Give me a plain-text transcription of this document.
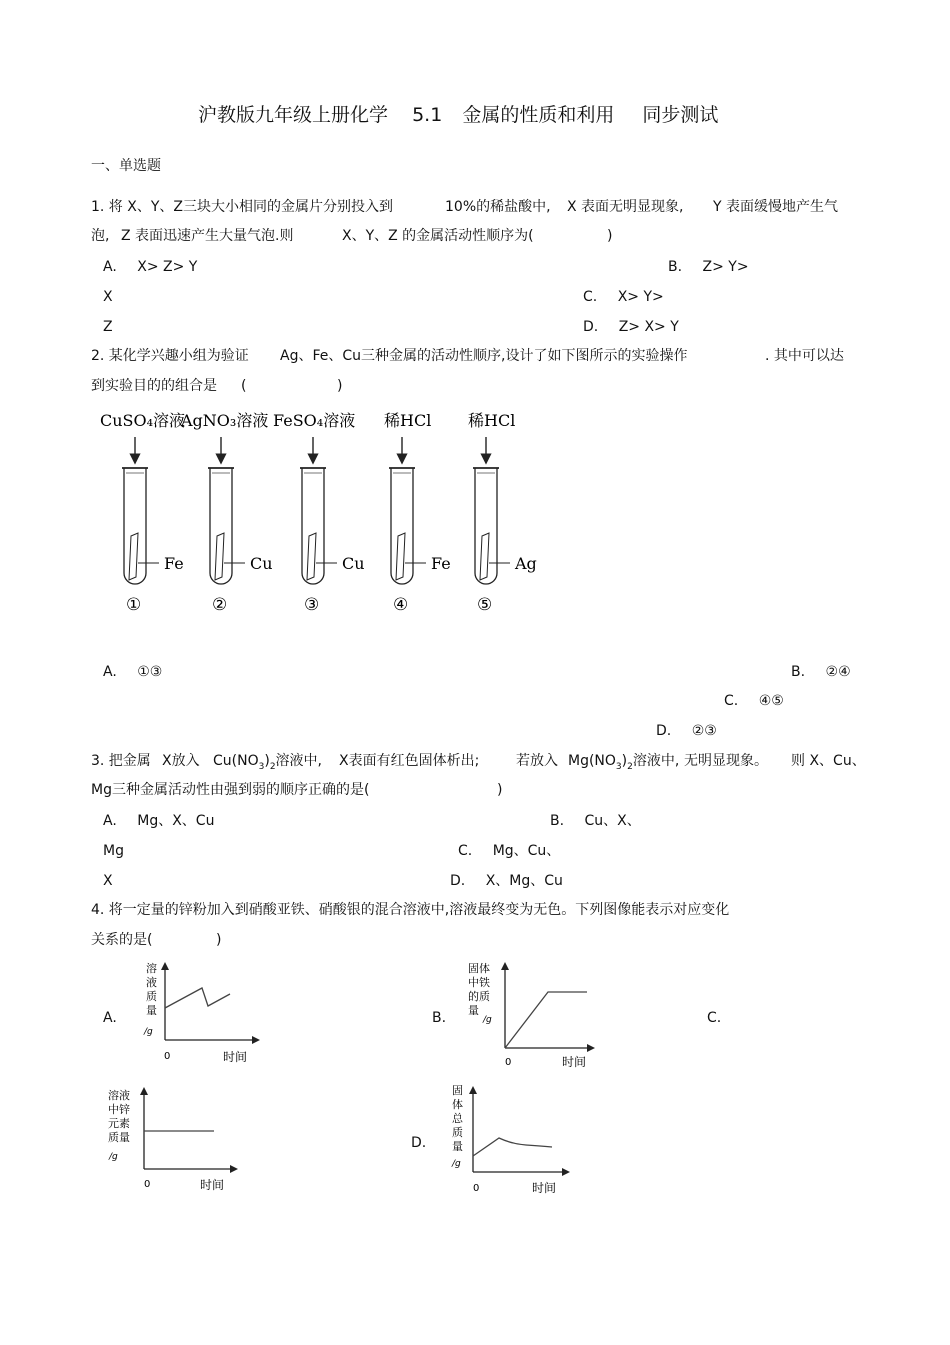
沪教版九年级上册化学 5.1 金属的性质和利用 同步测试
一、单选题
1. 将 X、Y、Z三块大小相同的金属片分别投入到	10%的稀盐酸中, X 表面无明显现象, Y 表面缓慢地产生气
泡, Z 表面迅速产生大量气泡.则	X、Y、Z 的金属活动性顺序为(	)
A. X> Z> Y	B. Z> Y>
X	C. X> Y>
Z	D. Z> X> Y
2. 某化学兴趣小组为验证 Ag、Fe、Cu三种金属的活动性顺序,设计了如下图所示的实验操作	. 其中可以达
到实验目的的组合是 (	)
CuSO₄溶液
Fe
①
AgNO₃溶液
Cu
②
FeSO₄溶液
Cu
③
稀HCl
Fe
④
稀HCl
Ag
⑤
A. ①③	B. ②④
C. ④⑤
D. ②③
3. 把金属 X放入 $Cu(NO_3)_2$溶液中, X表面有红色固体析出;	若放入 $Mg(NO_3)_2$溶液中, 无明显现象。 则 X、Cu、
Mg三种金属活动性由强到弱的顺序正确的是(	)
A. Mg、X、Cu	B. Cu、X、
Mg	C. Mg、Cu、
X	D. X、Mg、Cu
4. 将一定量的锌粉加入到硝酸亚铁、硝酸银的混合溶液中,溶液最终变为无色。下列图像能表示对应变化
关系的是(	)
A.	B.	C.
D.
溶
液
质
量
/g
0	时间
固体
中铁
的质
量
/g
0	时间
溶液
中锌
元素
质量
/g
0	时间
固
体
总
质
量
/g
0	时间
